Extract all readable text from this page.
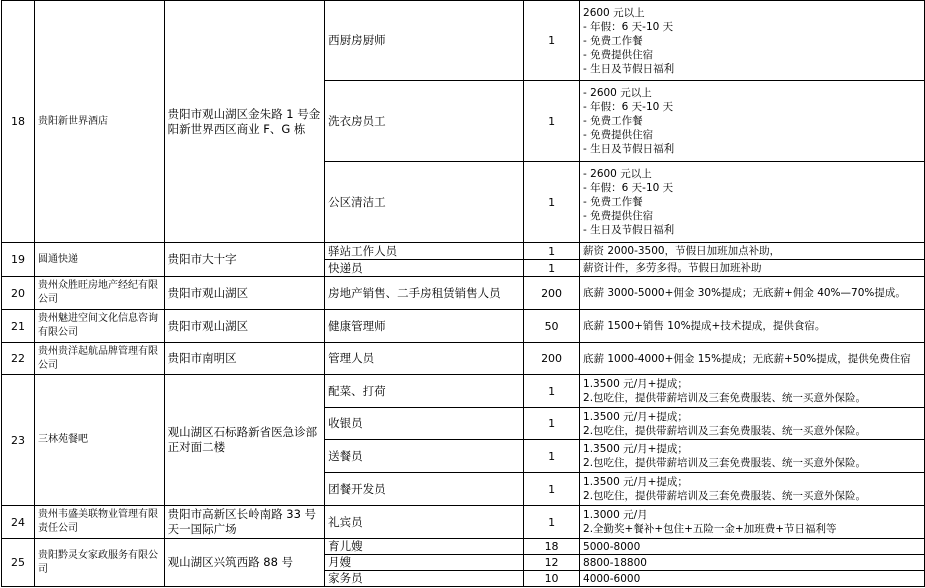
18	贵阳新世界酒店	贵阳市观山湖区金朱路 1 号金阳新世界西区商业 F、G 栋	西厨房厨师	1	2600 元以上
- 年假：6 天-10 天
- 免费工作餐
- 免费提供住宿
- 生日及节假日福利

			洗衣房员工	1	- 2600 元以上
- 年假：6 天-10 天
- 免费工作餐
- 免费提供住宿
- 生日及节假日福利

			公区清洁工	1	- 2600 元以上
- 年假：6 天-10 天
- 免费工作餐
- 免费提供住宿
- 生日及节假日福利

19	圆通快递	贵阳市大十字	驿站工作人员	1	薪资 2000-3500，节假日加班加点补助，

			快递员	1	薪资计件，多劳多得。节假日加班补助

20	贵州众胜旺房地产经纪有限公司	贵阳市观山湖区	房地产销售、二手房租赁销售人员	200	底薪 3000-5000+佣金 30%提成；无底薪+佣金 40%—70%提成。

21	贵州魅进空间文化信息咨询有限公司	贵阳市观山湖区	健康管理师	50	底薪 1500+销售 10%提成+技术提成，提供食宿。

22	贵州贵洋起航品牌管理有限公司	贵阳市南明区	管理人员	200	底薪 1000-4000+佣金 15%提成；无底薪+50%提成，提供免费住宿
23	三林苑餐吧	观山湖区石标路新省医急诊部正对面二楼	配菜、打荷	1	1.3500 元/月+提成；
2.包吃住，提供带薪培训及三套免费服装、统一买意外保险。

			收银员	1	1.3500 元/月+提成；
2.包吃住，提供带薪培训及三套免费服装、统一买意外保险。

			送餐员	1	1.3500 元/月+提成；
2.包吃住，提供带薪培训及三套免费服装、统一买意外保险。

			团餐开发员	1	1.3500 元/月+提成；
2.包吃住，提供带薪培训及三套免费服装、统一买意外保险。

24	贵州韦盛美联物业管理有限责任公司	贵阳市高新区长岭南路 33 号天一国际广场	礼宾员	1	1.3000 元/月
2.全勤奖+餐补+包住+五险一金+加班费+节日福利等

25	贵阳黔灵女家政服务有限公司	观山湖区兴筑西路 88 号	育儿嫂	18	5000-8000

			月嫂	12	8800-18800

			家务员	10	4000-6000
